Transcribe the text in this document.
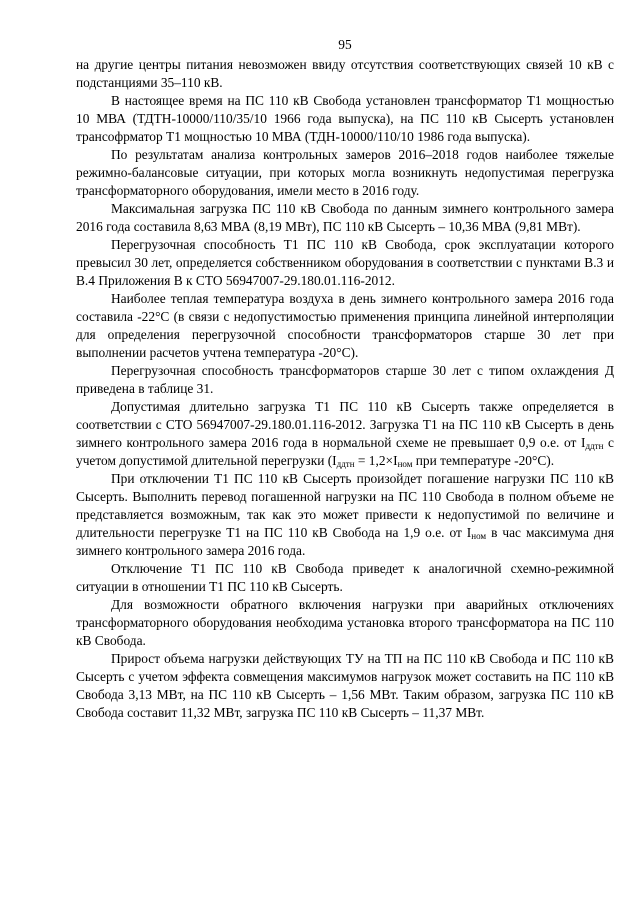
95

на другие центры питания невозможен ввиду отсутствия соответствующих связей 10 кВ с подстанциями 35–110 кВ.

В настоящее время на ПС 110 кВ Свобода установлен трансформатор Т1 мощностью 10 МВА (ТДТН-10000/110/35/10 1966 года выпуска), на ПС 110 кВ Сысерть установлен трансофрматор Т1 мощностью 10 МВА (ТДН-10000/110/10 1986 года выпуска).

По результатам анализа контрольных замеров 2016–2018 годов наиболее тяжелые режимно-балансовые ситуации, при которых могла возникнуть недопустимая перегрузка трансформаторного оборудования, имели место в 2016 году.

Максимальная загрузка ПС 110 кВ Свобода по данным зимнего контрольного замера 2016 года составила 8,63 МВА (8,19 МВт), ПС 110 кВ Сысерть – 10,36 МВА (9,81 МВт).

Перегрузочная способность Т1 ПС 110 кВ Свобода, срок эксплуатации которого превысил 30 лет, определяется собственником оборудования в соответствии с пунктами В.3 и В.4 Приложения В к СТО 56947007-29.180.01.116-2012.

Наиболее теплая температура воздуха в день зимнего контрольного замера 2016 года составила -22°С (в связи с недопустимостью применения принципа линейной интерполяции для определения перегрузочной способности трансформаторов старше 30 лет при выполнении расчетов учтена температура -20°С).

Перегрузочная способность трансформаторов старше 30 лет с типом охлаждения Д приведена в таблице 31.

Допустимая длительно загрузка Т1 ПС 110 кВ Сысерть также определяется в соответствии с СТО 56947007-29.180.01.116-2012. Загрузка Т1 на ПС 110 кВ Сысерть в день зимнего контрольного замера 2016 года в нормальной схеме не превышает 0,9 о.е. от $I_{ддтн}$ с учетом допустимой длительной перегрузки ($I_{ддтн} = 1,2\times I_{ном}$ при температуре -20°С).

При отключении Т1 ПС 110 кВ Сысерть произойдет погашение нагрузки ПС 110 кВ Сысерть. Выполнить перевод погашенной нагрузки на ПС 110 Свобода в полном объеме не представляется возможным, так как это может привести к недопустимой по величине и длительности перегрузке Т1 на ПС 110 кВ Свобода на 1,9 о.е. от $I_{ном}$ в час максимума дня зимнего контрольного замера 2016 года.

Отключение Т1 ПС 110 кВ Свобода приведет к аналогичной схемно-режимной ситуации в отношении Т1 ПС 110 кВ Сысерть.

Для возможности обратного включения нагрузки при аварийных отключениях трансформаторного оборудования необходима установка второго трансформатора на ПС 110 кВ Свобода.

Прирост объема нагрузки действующих ТУ на ТП на ПС 110 кВ Свобода и ПС 110 кВ Сысерть с учетом эффекта совмещения максимумов нагрузок может составить на ПС 110 кВ Свобода 3,13 МВт, на ПС 110 кВ Сысерть – 1,56 МВт. Таким образом, загрузка ПС 110 кВ Свобода составит 11,32 МВт, загрузка ПС 110 кВ Сысерть – 11,37 МВт.
